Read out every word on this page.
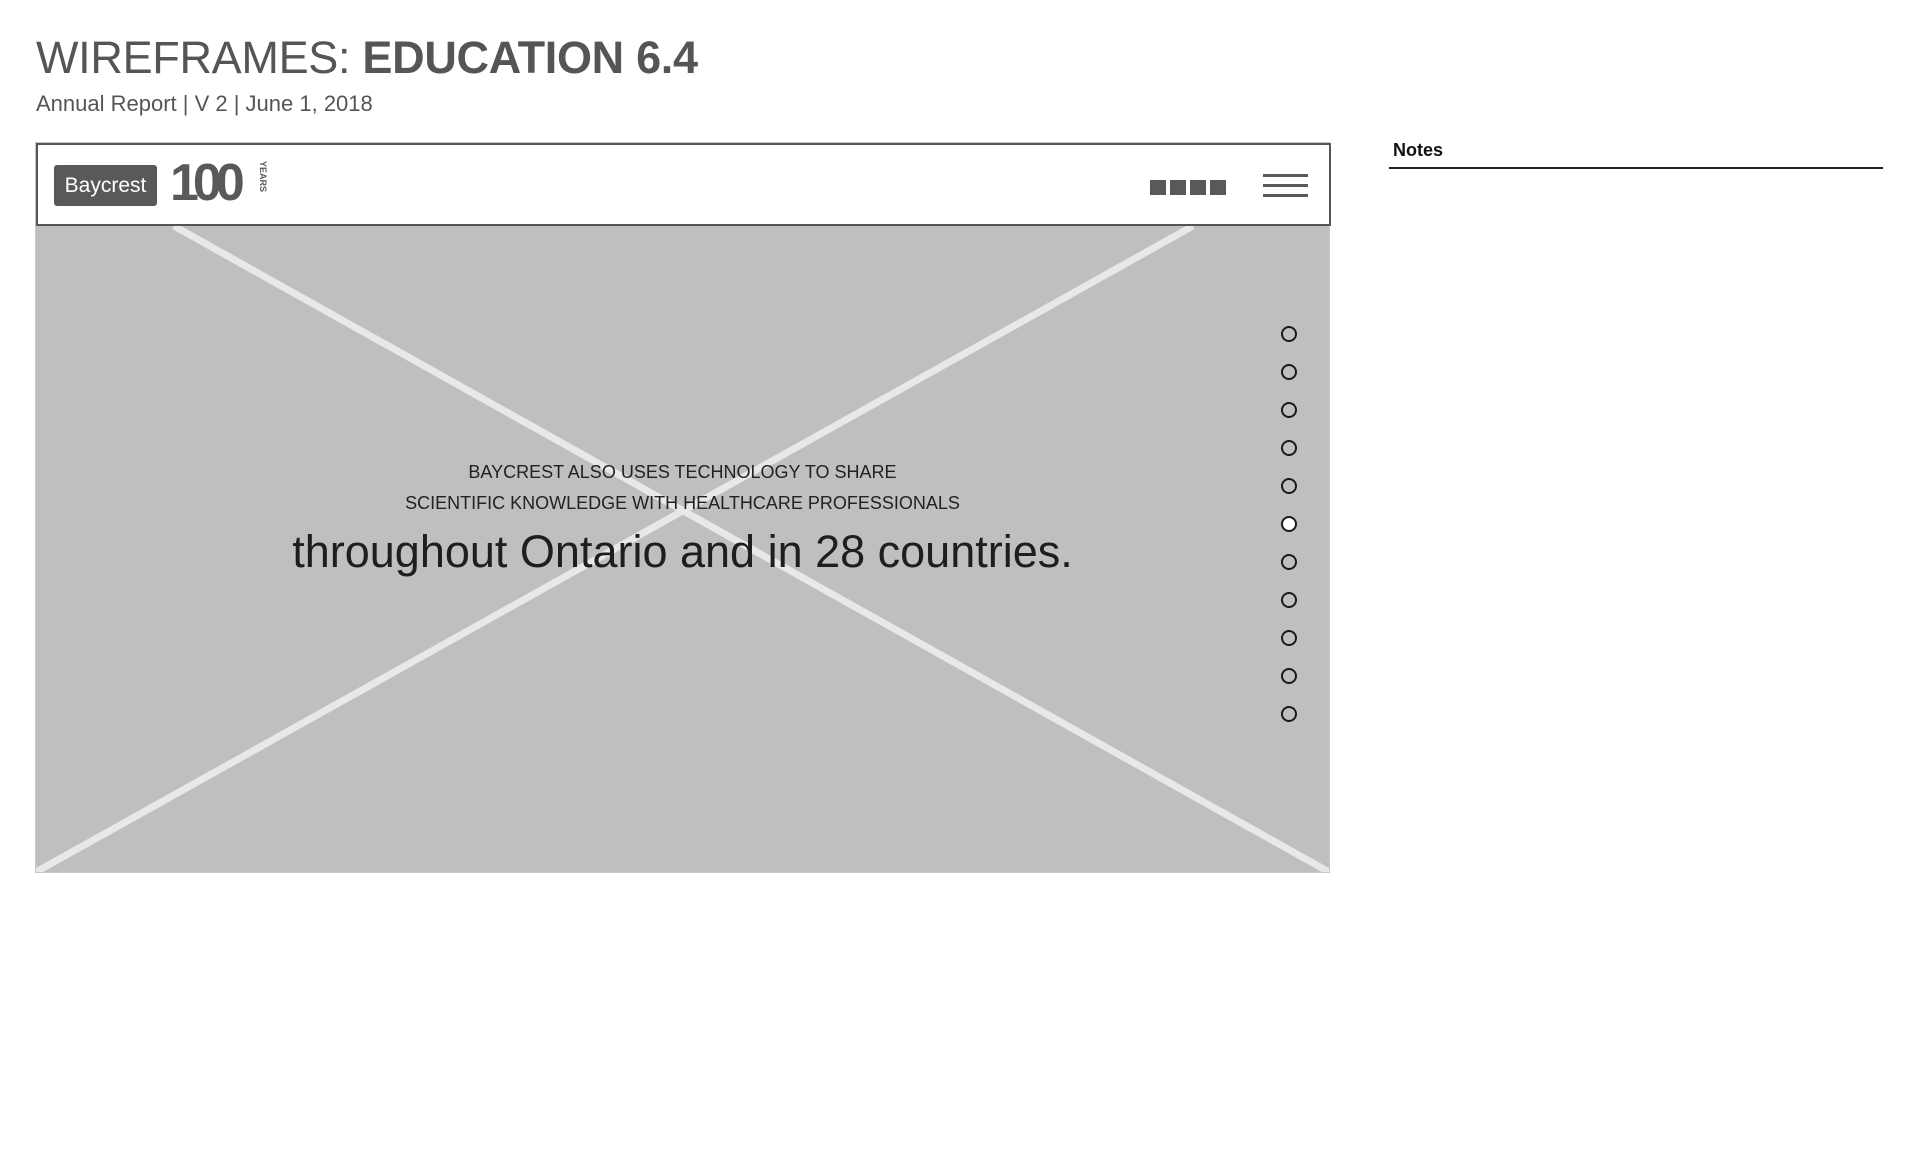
WIREFRAMES: EDUCATION 6.4
Annual Report | V 2 | June 1, 2018
Baycrest 100 YEARS
BAYCREST ALSO USES TECHNOLOGY TO SHARE
SCIENTIFIC KNOWLEDGE WITH HEALTHCARE PROFESSIONALS
throughout Ontario and in 28 countries.
Notes
